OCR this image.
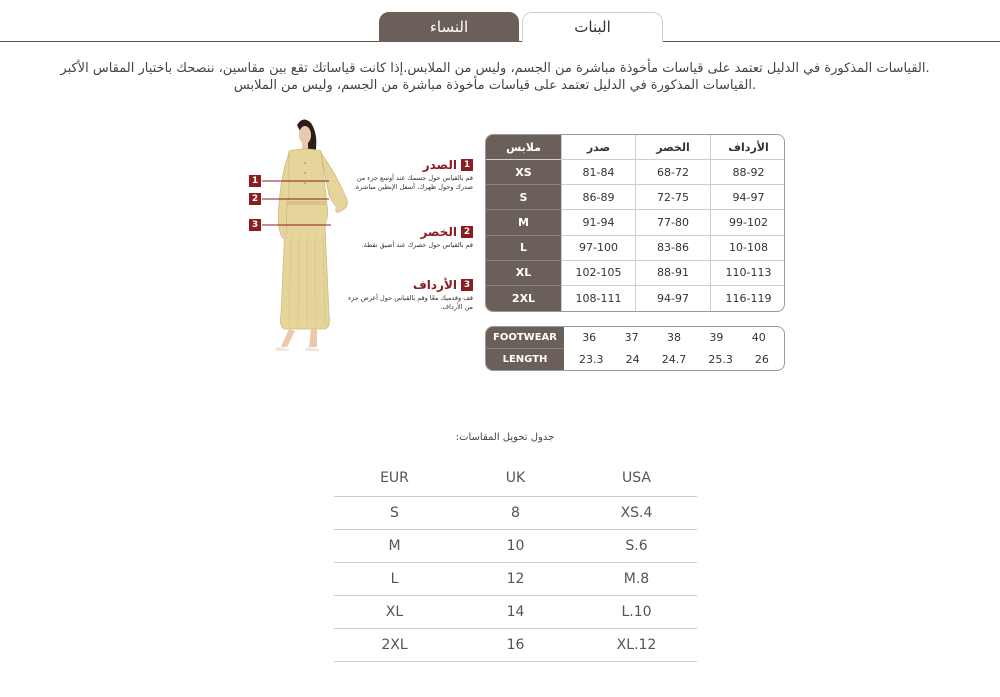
النساء	البنات
.القياسات المذكورة في الدليل تعتمد على قياسات مأخوذة مباشرة من الجسم، وليس من الملابس.إذا كانت قياساتك تقع بين مقاسين، ننصحك باختيار المقاس الأكبر
.القياسات المذكورة في الدليل تعتمد على قياسات مأخوذة مباشرة من الجسم، وليس من الملابس
1
2
3
1
الصدر
قم بالقياس حول جسمك عند أوسع جزء من صدرك وحول ظهرك، أسفل الإبطين مباشرة.
2
الخصر
قم بالقياس حول خصرك عند أضيق نقطة.
3
الأرداف
قف وقدميك معًا وقم بالقياس حول أعرض جزء من الأرداف.
ملابس	صدر	الخصر	الأرداف
XS	81-84	68-72	88-92
S	86-89	72-75	94-97
M	91-94	77-80	99-102
L	97-100	83-86	10-108
XL	102-105	88-91	110-113
2XL	108-111	94-97	116-119
FOOTWEAR	36	37	38	39	40
LENGTH	23.3 24 24.7 25.3 26
جدول تحويل المقاسات:
EUR	UK	USA
S	8	XS.4
M	10	S.6
L	12	M.8
XL	14	L.10
2XL	16	XL.12
